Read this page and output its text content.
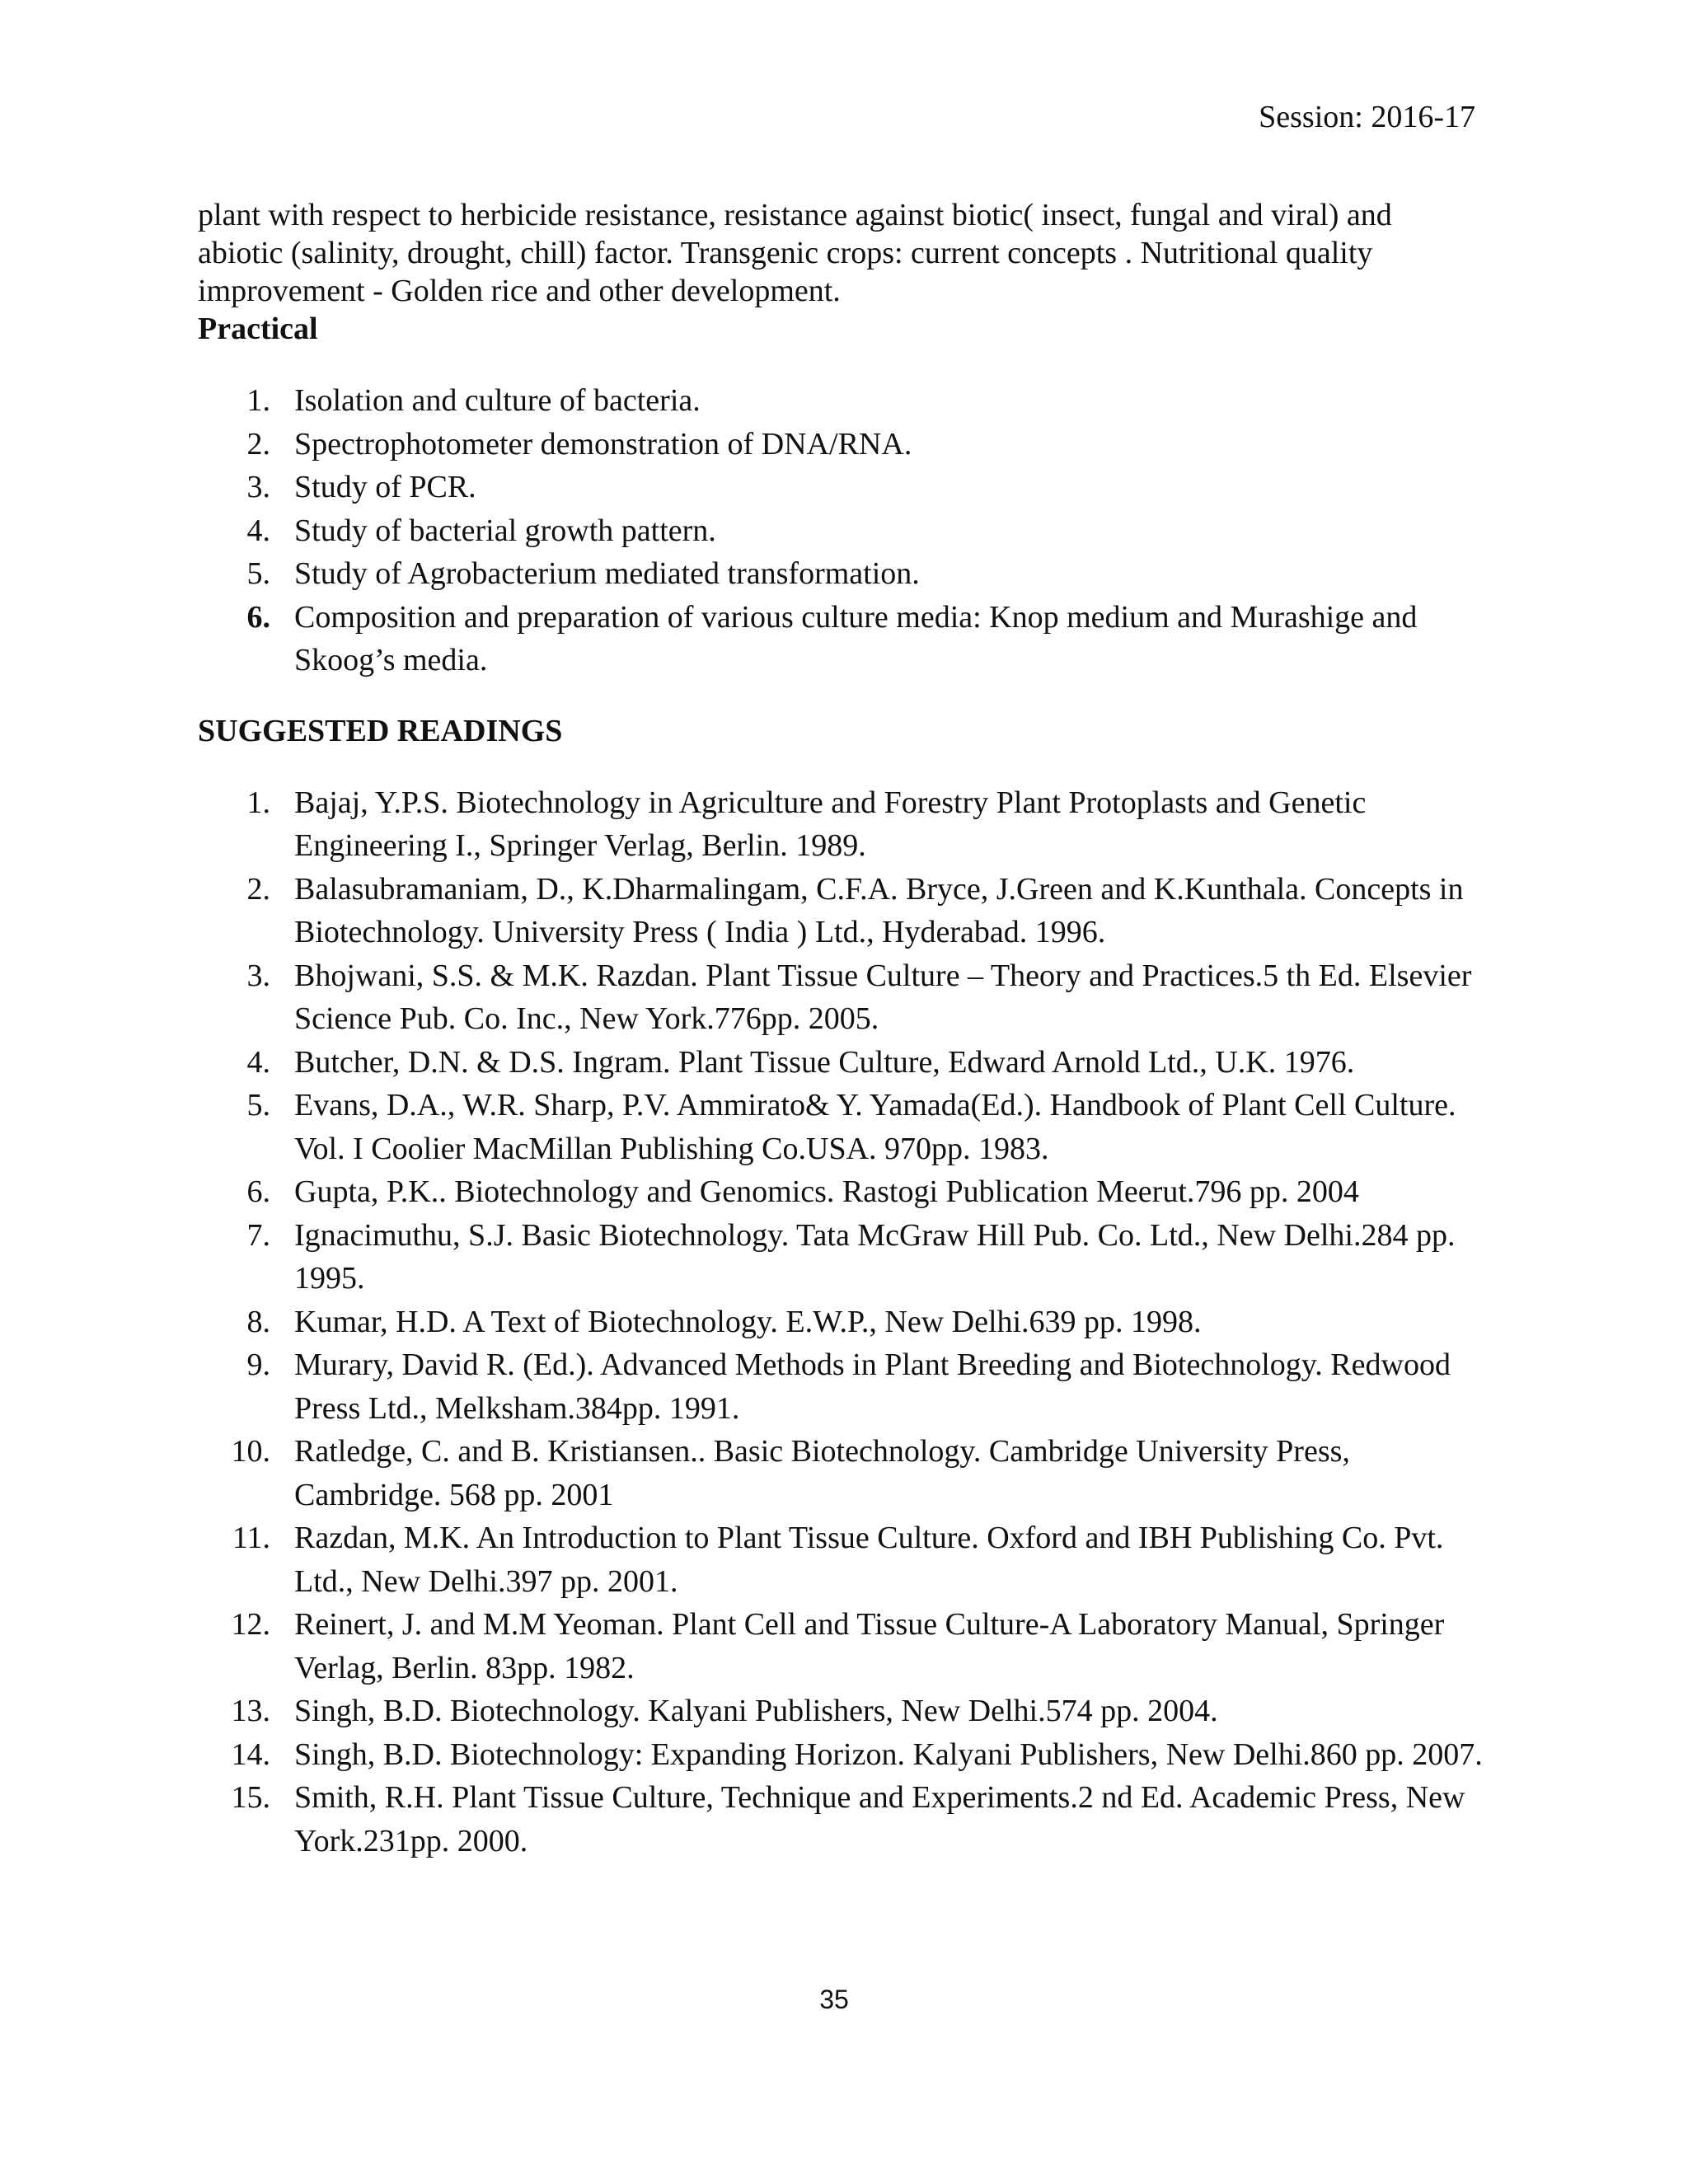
Session: 2016-17

plant with respect to herbicide resistance, resistance against biotic( insect, fungal and viral) and abiotic (salinity, drought, chill) factor. Transgenic crops: current concepts . Nutritional quality improvement - Golden rice and other development.

Practical
1. Isolation and culture of bacteria.
2. Spectrophotometer demonstration of DNA/RNA.
3. Study of PCR.
4. Study of bacterial growth pattern.
5. Study of Agrobacterium mediated transformation.
6. Composition and preparation of various culture media: Knop medium and Murashige and Skoog’s media.
SUGGESTED READINGS
1. Bajaj, Y.P.S. Biotechnology in Agriculture and Forestry Plant Protoplasts and Genetic Engineering I., Springer Verlag, Berlin. 1989.
2. Balasubramaniam, D., K.Dharmalingam, C.F.A. Bryce, J.Green and K.Kunthala. Concepts in Biotechnology. University Press ( India ) Ltd., Hyderabad. 1996.
3. Bhojwani, S.S. & M.K. Razdan. Plant Tissue Culture – Theory and Practices.5 th Ed. Elsevier Science Pub. Co. Inc., New York.776pp. 2005.
4. Butcher, D.N. & D.S. Ingram. Plant Tissue Culture, Edward Arnold Ltd., U.K. 1976.
5. Evans, D.A., W.R. Sharp, P.V. Ammirato& Y. Yamada(Ed.). Handbook of Plant Cell Culture. Vol. I Coolier MacMillan Publishing Co.USA. 970pp. 1983.
6. Gupta, P.K.. Biotechnology and Genomics. Rastogi Publication Meerut.796 pp. 2004
7. Ignacimuthu, S.J. Basic Biotechnology. Tata McGraw Hill Pub. Co. Ltd., New Delhi.284 pp. 1995.
8. Kumar, H.D. A Text of Biotechnology. E.W.P., New Delhi.639 pp. 1998.
9. Murary, David R. (Ed.). Advanced Methods in Plant Breeding and Biotechnology. Redwood Press Ltd., Melksham.384pp. 1991.
10. Ratledge, C. and B. Kristiansen.. Basic Biotechnology. Cambridge University Press, Cambridge. 568 pp. 2001
11. Razdan, M.K. An Introduction to Plant Tissue Culture. Oxford and IBH Publishing Co. Pvt. Ltd., New Delhi.397 pp. 2001.
12. Reinert, J. and M.M Yeoman. Plant Cell and Tissue Culture-A Laboratory Manual, Springer Verlag, Berlin. 83pp. 1982.
13. Singh, B.D. Biotechnology. Kalyani Publishers, New Delhi.574 pp. 2004.
14. Singh, B.D. Biotechnology: Expanding Horizon. Kalyani Publishers, New Delhi.860 pp. 2007.
15. Smith, R.H. Plant Tissue Culture, Technique and Experiments.2 nd Ed. Academic Press, New York.231pp. 2000.
35
